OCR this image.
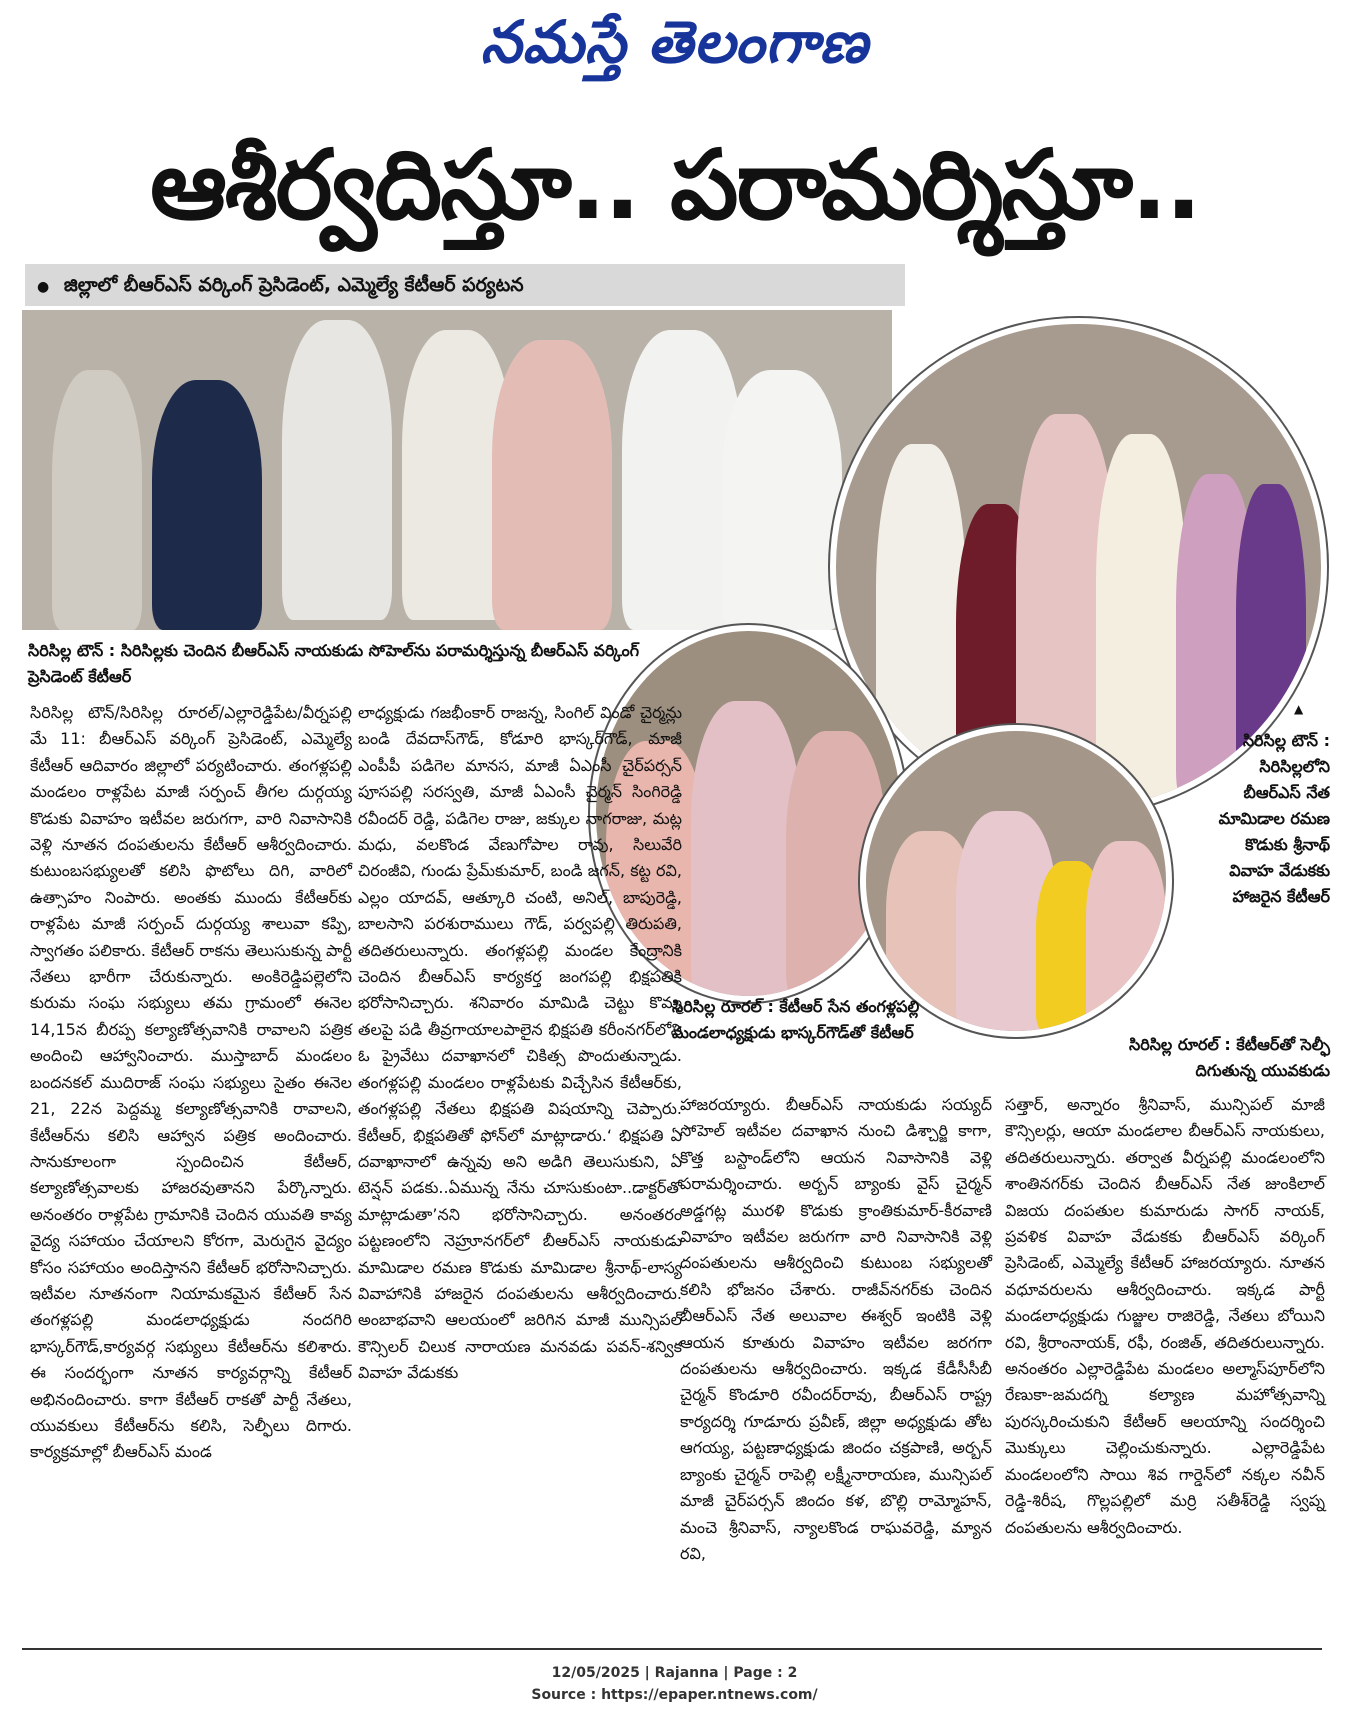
నమస్తే తెలంగాణ
ఆశీర్వదిస్తూ.. పరామర్శిస్తూ..
● జిల్లాలో బీఆర్‌ఎస్ వర్కింగ్ ప్రెసిడెంట్, ఎమ్మెల్యే కేటీఆర్ పర్యటన
సిరిసిల్ల టౌన్ : సిరిసిల్లకు చెందిన బీఆర్‌ఎస్ నాయకుడు సోహెల్‌ను పరామర్శిస్తున్న బీఆర్‌ఎస్ వర్కింగ్ ప్రెసిడెంట్ కేటీఆర్
▲
సిరిసిల్ల టౌన్ : సిరిసిల్లలోని బీఆర్‌ఎస్ నేత మామిడాల రమణ కొడుకు శ్రీనాథ్ వివాహ వేడుకకు హాజరైన కేటీఆర్
సిరిసిల్ల రూరల్ : కేటీఆర్ సేన తంగళ్లపల్లి మండలాధ్యక్షుడు భాస్కర్‌గౌడ్‌తో కేటీఆర్
సిరిసిల్ల రూరల్ : కేటీఆర్‌తో సెల్ఫీ దిగుతున్న యువకుడు
సిరిసిల్ల టౌన్/సిరిసిల్ల రూరల్/ఎల్లారెడ్డిపేట/వీర్నపల్లి మే 11: బీఆర్‌ఎస్ వర్కింగ్ ప్రెసిడెంట్, ఎమ్మెల్యే కేటీఆర్ ఆదివారం జిల్లాలో పర్యటించారు. తంగళ్లపల్లి మండలం రాళ్లపేట మాజీ సర్పంచ్ తీగల దుర్గయ్య కొడుకు వివాహం ఇటీవల జరుగగా, వారి నివాసానికి వెళ్లి నూతన దంపతులను కేటీఆర్ ఆశీర్వదించారు. కుటుంబసభ్యులతో కలిసి ఫొటోలు దిగి, వారిలో ఉత్సాహం నింపారు. అంతకు ముందు కేటీఆర్‌కు రాళ్లపేట మాజీ సర్పంచ్ దుర్గయ్య శాలువా కప్పి, స్వాగతం పలికారు. కేటీఆర్ రాకను తెలుసుకున్న పార్టీ నేతలు భారీగా చేరుకున్నారు. అంకిరెడ్డిపల్లెలోని కురుమ సంఘ సభ్యులు తమ గ్రామంలో ఈనెల 14,15న బీరప్ప కల్యాణోత్సవానికి రావాలని పత్రిక అందించి ఆహ్వానించారు. ముస్తాబాద్ మండలం బందనకల్ ముదిరాజ్ సంఘ సభ్యులు సైతం ఈనెల 21, 22న పెద్దమ్మ కల్యాణోత్సవానికి రావాలని, కేటీఆర్‌ను కలిసి ఆహ్వాన పత్రిక అందించారు. సానుకూలంగా స్పందించిన కేటీఆర్, కల్యాణోత్సవాలకు హాజరవుతానని పేర్కొన్నారు. అనంతరం రాళ్లపేట గ్రామానికి చెందిన యువతి కావ్య వైద్య సహాయం చేయాలని కోరగా, మెరుగైన వైద్యం కోసం సహాయం అందిస్తానని కేటీఆర్ భరోసానిచ్చారు. ఇటీవల నూతనంగా నియామకమైన కేటీఆర్ సేన తంగళ్లపల్లి మండలాధ్యక్షుడు నందగిరి భాస్కర్‌గౌడ్,కార్యవర్గ సభ్యులు కేటీఆర్‌ను కలిశారు. ఈ సందర్భంగా నూతన కార్యవర్గాన్ని కేటీఆర్ అభినందించారు. కాగా కేటీఆర్ రాకతో పార్టీ నేతలు, యువకులు కేటీఆర్‌ను కలిసి, సెల్ఫీలు దిగారు. కార్యక్రమాల్లో బీఆర్‌ఎస్ మండ
లాధ్యక్షుడు గజభీంకార్ రాజన్న, సింగిల్ విండో చైర్మన్లు బండి దేవదాస్‌గౌడ్, కోడూరి భాస్కర్‌గౌడ్, మాజీ ఎంపీపీ పడిగెల మానస, మాజీ ఏఎంసీ చైర్‌పర్సన్ పూసపల్లి సరస్వతి, మాజీ ఏఎంసీ చైర్మన్ సింగిరెడ్డి రవీందర్ రెడ్డి, పడిగెల రాజు, జక్కుల నాగరాజు, మట్ల మధు, వలకొండ వేణుగోపాల రావు, సిలువేరి చిరంజీవి, గుండు ప్రేమ్‌కుమార్, బండి జగన్, కట్ట రవి, ఎల్లం యాదవ్, ఆత్కూరి చంటి, అనిల్, బాపురెడ్డి, బాలసాని పరశురాములు గౌడ్, పర్వపల్లి తిరుపతి, తదితరులున్నారు. తంగళ్లపల్లి మండల కేంద్రానికి చెందిన బీఆర్‌ఎస్ కార్యకర్త జంగపల్లి భిక్షపతికి భరోసానిచ్చారు. శనివారం మామిడి చెట్టు కొమ్మ తలపై పడి తీవ్రగాయాలపాలైన భిక్షపతి కరీంనగర్‌లోని ఓ ప్రైవేటు దవాఖానలో చికిత్స పొందుతున్నాడు. తంగళ్లపల్లి మండలం రాళ్లపేటకు విచ్చేసిన కేటీఆర్‌కు, తంగళ్లపల్లి నేతలు భిక్షపతి విషయాన్ని చెప్పారు. కేటీఆర్, భిక్షపతితో ఫోన్‌లో మాట్లాడారు.‘ భిక్షపతి ఏ దవాఖానాలో ఉన్నవు అని అడిగి తెలుసుకుని, ఏ టెన్షన్ పడకు..ఏమున్న నేను చూసుకుంటా..డాక్టర్‌తో మాట్లాడుతా’నని భరోసానిచ్చారు. అనంతరం పట్టణంలోని నెహ్రూనగర్‌లో బీఆర్‌ఎస్ నాయకుడు మామిడాల రమణ కొడుకు మామిడాల శ్రీనాథ్-లాస్య వివాహానికి హాజరైన దంపతులను ఆశీర్వదించారు. అంబాభవాని ఆలయంలో జరిగిన మాజీ మున్సిపల్ కౌన్సిలర్ చిలుక నారాయణ మనవడు పవన్-శన్విక వివాహ వేడుకకు
హాజరయ్యారు. బీఆర్‌ఎస్ నాయకుడు సయ్యద్ సోహెల్ ఇటీవల దవాఖాన నుంచి డిశ్చార్జి కాగా, కొత్త బస్టాండ్‌లోని ఆయన నివాసానికి వెళ్లి పరామర్శించారు. అర్బన్ బ్యాంకు వైస్ చైర్మన్ అడ్డగట్ల మురళి కొడుకు క్రాంతికుమార్-కీరవాణి వివాహం ఇటీవల జరుగగా వారి నివాసానికి వెళ్లి దంపతులను ఆశీర్వదించి కుటుంబ సభ్యులతో కలిసి భోజనం చేశారు. రాజీవ్‌నగర్‌కు చెందిన బీఆర్‌ఎస్ నేత అలువాల ఈశ్వర్ ఇంటికి వెళ్లి ఆయన కూతురు వివాహం ఇటీవల జరగగా దంపతులను ఆశీర్వదించారు. ఇక్కడ కేడీసీసీబీ చైర్మన్ కొండూరి రవీందర్‌రావు, బీఆర్‌ఎస్ రాష్ట్ర కార్యదర్శి గూడూరు ప్రవీణ్, జిల్లా అధ్యక్షుడు తోట ఆగయ్య, పట్టణాధ్యక్షుడు జిందం చక్రపాణి, అర్బన్ బ్యాంకు చైర్మన్ రాపెల్లి లక్ష్మీనారాయణ, మున్సిపల్ మాజీ చైర్‌పర్సన్ జిందం కళ, బొల్లి రామ్మోహన్, మంచె శ్రీనివాస్, న్యాలకొండ రాఘవరెడ్డి, మ్యాన రవి,
సత్తార్, అన్నారం శ్రీనివాస్, మున్సిపల్ మాజీ కౌన్సిలర్లు, ఆయా మండలాల బీఆర్‌ఎస్ నాయకులు, తదితరులున్నారు. తర్వాత వీర్నపల్లి మండలంలోని శాంతినగర్‌కు చెందిన బీఆర్‌ఎస్ నేత జుంకిలాల్ విజయ దంపతుల కుమారుడు సాగర్ నాయక్, ప్రవళిక వివాహ వేడుకకు బీఆర్‌ఎస్ వర్కింగ్ ప్రెసిడెంట్, ఎమ్మెల్యే కేటీఆర్ హాజరయ్యారు. నూతన వధూవరులను ఆశీర్వదించారు. ఇక్కడ పార్టీ మండలాధ్యక్షుడు గుజ్జుల రాజిరెడ్డి, నేతలు బోయిని రవి, శ్రీరాంనాయక్, రఫీ, రంజిత్, తదితరులున్నారు. అనంతరం ఎల్లారెడ్డిపేట మండలం అల్మాస్‌పూర్‌లోని రేణుకా-జమదగ్ని కల్యాణ మహోత్సవాన్ని పురస్కరించుకుని కేటీఆర్ ఆలయాన్ని సందర్శించి మొక్కులు చెల్లించుకున్నారు. ఎల్లారెడ్డిపేట మండలంలోని సాయి శివ గార్డెన్‌లో నక్కల నవీన్ రెడ్డి-శిరీష, గొల్లపల్లిలో మర్రి సతీశ్‌రెడ్డి స్వప్న దంపతులను ఆశీర్వదించారు.
12/05/2025 | Rajanna | Page : 2
Source : https://epaper.ntnews.com/
